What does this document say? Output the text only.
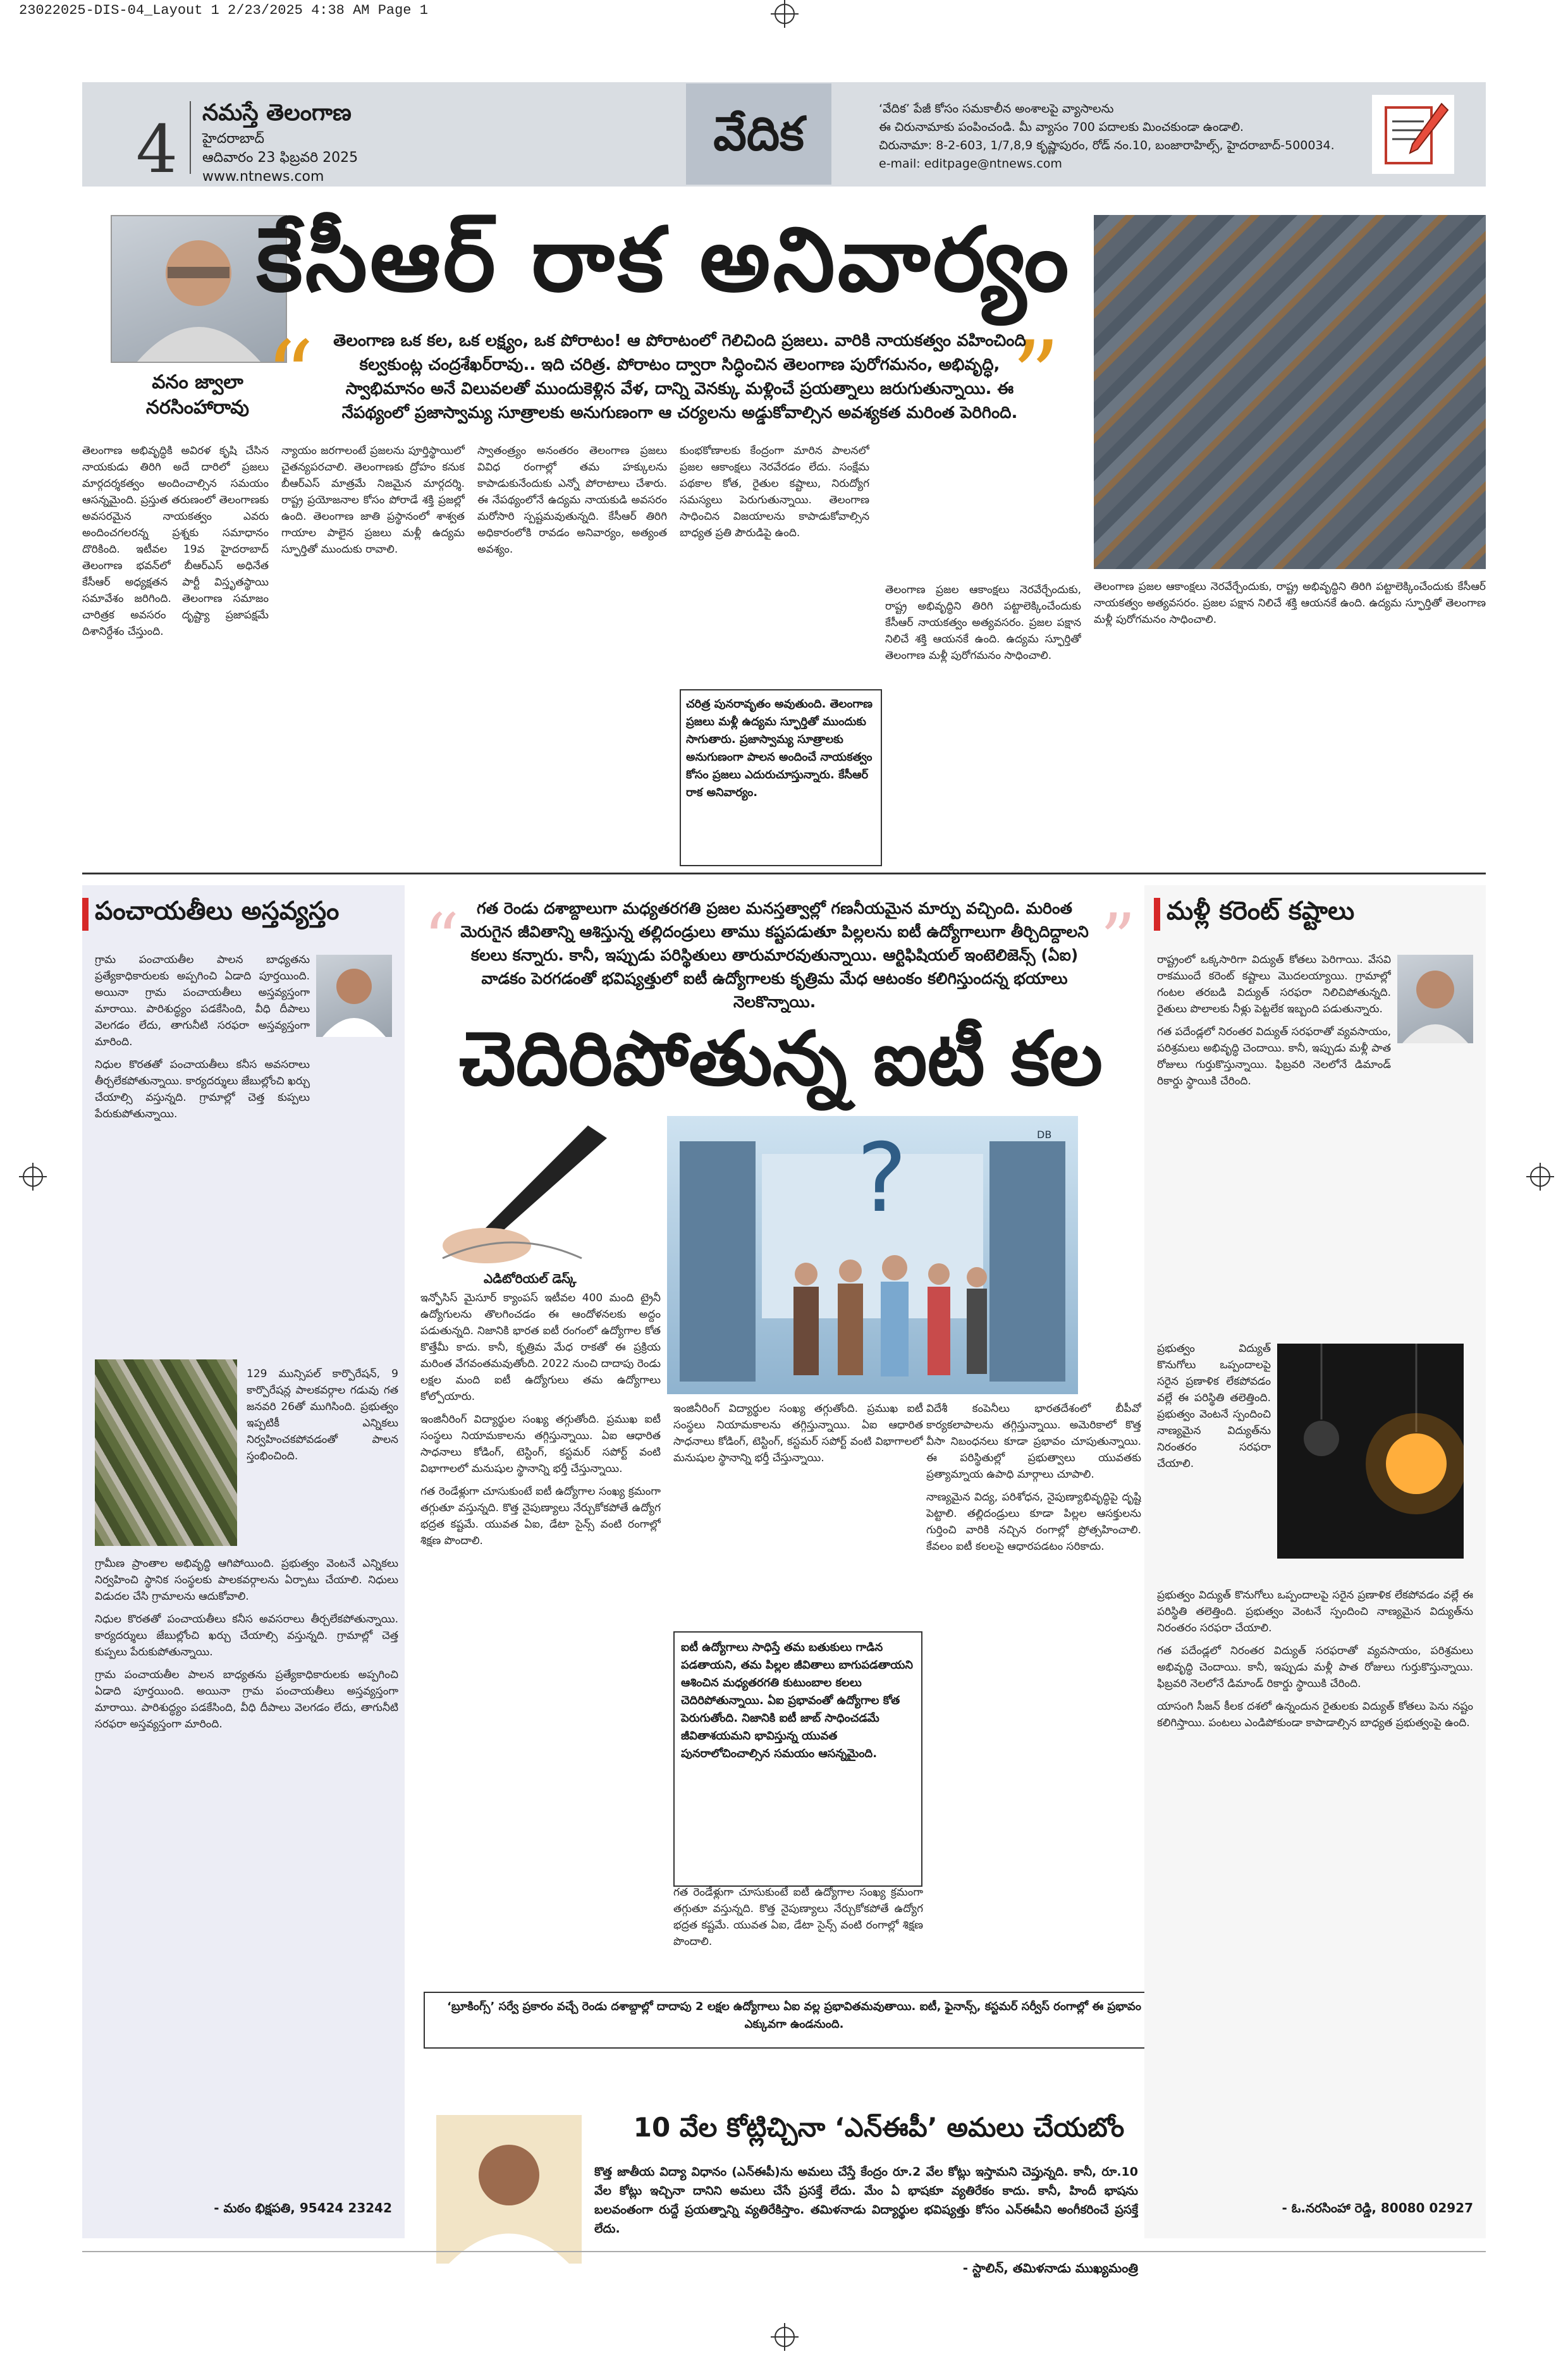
23022025-DIS-04_Layout 1 2/23/2025 4:38 AM Page 1
4 నమస్తే తెలంగాణ
హైదరాబాద్
ఆదివారం 23 ఫిబ్రవరి 2025
www.ntnews.com
వేదిక	‘వేదిక’ పేజీ కోసం సమకాలీన అంశాలపై వ్యాసాలను

ఈ చిరునామాకు పంపించండి. మీ వ్యాసం 700 పదాలకు మించకుండా ఉండాలి.

చిరునామా: 8-2-603, 1/7,8,9 కృష్ణాపురం, రోడ్ నం.10, బంజారాహిల్స్, హైదరాబాద్-500034.

e-mail: editpage@ntnews.com

వనం జ్వాలా నరసింహారావు
కేసీఆర్ రాక అనివార్యం
“	”
తెలంగాణ ఒక కల, ఒక లక్ష్యం, ఒక పోరాటం! ఆ పోరాటంలో గెలిచింది ప్రజలు. వారికి నాయకత్వం వహించింది కల్వకుంట్ల చంద్రశేఖర్‌రావు.. ఇది చరిత్ర. పోరాటం ద్వారా సిద్ధించిన తెలంగాణ పురోగమనం, అభివృద్ధి, స్వాభిమానం అనే విలువలతో ముందుకెళ్లిన వేళ, దాన్ని వెనక్కు మళ్లించే ప్రయత్నాలు జరుగుతున్నాయి. ఈ నేపథ్యంలో ప్రజాస్వామ్య సూత్రాలకు అనుగుణంగా ఆ చర్యలను అడ్డుకోవాల్సిన అవశ్యకత మరింత పెరిగింది.

తెలంగాణ అభివృద్ధికి అవిరళ కృషి చేసిన నాయకుడు తిరిగి అదే దారిలో ప్రజలు మార్గదర్శకత్వం అందించాల్సిన సమయం ఆసన్నమైంది. ప్రస్తుత తరుణంలో తెలంగాణకు అవసరమైన నాయకత్వం ఎవరు అందించగలరన్న ప్రశ్నకు సమాధానం దొరికింది. ఇటీవల 19వ హైదరాబాద్ తెలంగాణ భవన్‌లో బీఆర్ఎస్ అధినేత కేసీఆర్ అధ్యక్షతన పార్టీ విస్తృతస్థాయి సమావేశం జరిగింది. తెలంగాణ సమాజం చారిత్రక అవసరం దృష్ట్యా ప్రజాపక్షమే దిశానిర్దేశం చేస్తుంది.

న్యాయం జరగాలంటే ప్రజలను పూర్తిస్థాయిలో చైతన్యపరచాలి. తెలంగాణకు ద్రోహం కనుక బీఆర్ఎస్ మాత్రమే నిజమైన మార్గదర్శి. రాష్ట్ర ప్రయోజనాల కోసం పోరాడే శక్తి ప్రజల్లో ఉంది. తెలంగాణ జాతి ప్రస్థానంలో శాశ్వత గాయాల పాలైన ప్రజలు మళ్లీ ఉద్యమ స్ఫూర్తితో ముందుకు రావాలి.

స్వాతంత్ర్యం అనంతరం తెలంగాణ ప్రజలు వివిధ రంగాల్లో తమ హక్కులను కాపాడుకునేందుకు ఎన్నో పోరాటాలు చేశారు. ఈ నేపథ్యంలోనే ఉద్యమ నాయకుడి అవసరం మరోసారి స్పష్టమవుతున్నది. కేసీఆర్ తిరిగి అధికారంలోకి రావడం అనివార్యం, అత్యంత అవశ్యం.

కుంభకోణాలకు కేంద్రంగా మారిన పాలనలో ప్రజల ఆకాంక్షలు నెరవేరడం లేదు. సంక్షేమ పథకాల కోత, రైతుల కష్టాలు, నిరుద్యోగ సమస్యలు పెరుగుతున్నాయి. తెలంగాణ సాధించిన విజయాలను కాపాడుకోవాల్సిన బాధ్యత ప్రతి పౌరుడిపై ఉంది.

తెలంగాణ ప్రజల ఆకాంక్షలు నెరవేర్చేందుకు, రాష్ట్ర అభివృద్ధిని తిరిగి పట్టాలెక్కించేందుకు కేసీఆర్ నాయకత్వం అత్యవసరం. ప్రజల పక్షాన నిలిచే శక్తి ఆయనకే ఉంది. ఉద్యమ స్ఫూర్తితో తెలంగాణ మళ్లీ పురోగమనం సాధించాలి.

తెలంగాణ ప్రజల ఆకాంక్షలు నెరవేర్చేందుకు, రాష్ట్ర అభివృద్ధిని తిరిగి పట్టాలెక్కించేందుకు కేసీఆర్ నాయకత్వం అత్యవసరం. ప్రజల పక్షాన నిలిచే శక్తి ఆయనకే ఉంది. ఉద్యమ స్ఫూర్తితో తెలంగాణ మళ్లీ పురోగమనం సాధించాలి.

చరిత్ర పునరావృతం అవుతుంది. తెలంగాణ ప్రజలు మళ్లీ ఉద్యమ స్ఫూర్తితో ముందుకు సాగుతారు. ప్రజాస్వామ్య సూత్రాలకు అనుగుణంగా పాలన అందించే నాయకత్వం కోసం ప్రజలు ఎదురుచూస్తున్నారు. కేసీఆర్ రాక అనివార్యం.
పంచాయతీలు అస్తవ్యస్తం

గ్రామ పంచాయతీల పాలన బాధ్యతను ప్రత్యేకాధికారులకు అప్పగించి ఏడాది పూర్తయింది. అయినా గ్రామ పంచాయతీలు అస్తవ్యస్తంగా మారాయి. పారిశుద్ధ్యం పడకేసింది, వీధి దీపాలు వెలగడం లేదు, తాగునీటి సరఫరా అస్తవ్యస్తంగా మారింది.

నిధుల కొరతతో పంచాయతీలు కనీస అవసరాలు తీర్చలేకపోతున్నాయి. కార్యదర్శులు జేబుల్లోంచి ఖర్చు చేయాల్సి వస్తున్నది. గ్రామాల్లో చెత్త కుప్పలు పేరుకుపోతున్నాయి.

129 మున్సిపల్ కార్పొరేషన్, 9 కార్పొరేషన్ల పాలకవర్గాల గడువు గత జనవరి 26తో ముగిసింది. ప్రభుత్వం ఇప్పటికీ ఎన్నికలు నిర్వహించకపోవడంతో పాలన స్తంభించింది.

గ్రామీణ ప్రాంతాల అభివృద్ధి ఆగిపోయింది. ప్రభుత్వం వెంటనే ఎన్నికలు నిర్వహించి స్థానిక సంస్థలకు పాలకవర్గాలను ఏర్పాటు చేయాలి. నిధులు విడుదల చేసి గ్రామాలను ఆదుకోవాలి.

నిధుల కొరతతో పంచాయతీలు కనీస అవసరాలు తీర్చలేకపోతున్నాయి. కార్యదర్శులు జేబుల్లోంచి ఖర్చు చేయాల్సి వస్తున్నది. గ్రామాల్లో చెత్త కుప్పలు పేరుకుపోతున్నాయి.

గ్రామ పంచాయతీల పాలన బాధ్యతను ప్రత్యేకాధికారులకు అప్పగించి ఏడాది పూర్తయింది. అయినా గ్రామ పంచాయతీలు అస్తవ్యస్తంగా మారాయి. పారిశుద్ధ్యం పడకేసింది, వీధి దీపాలు వెలగడం లేదు, తాగునీటి సరఫరా అస్తవ్యస్తంగా మారింది.

- మఠం భిక్షపతి, 95424 23242
“	”
గత రెండు దశాబ్దాలుగా మధ్యతరగతి ప్రజల మనస్తత్వాల్లో గణనీయమైన మార్పు వచ్చింది. మరింత మెరుగైన జీవితాన్ని ఆశిస్తున్న తల్లిదండ్రులు తాము కష్టపడుతూ పిల్లలను ఐటీ ఉద్యోగాలుగా తీర్చిదిద్దాలని కలలు కన్నారు. కానీ, ఇప్పుడు పరిస్థితులు తారుమారవుతున్నాయి. ఆర్టిఫిషియల్ ఇంటెలిజెన్స్ (ఏఐ) వాడకం పెరగడంతో భవిష్యత్తులో ఐటీ ఉద్యోగాలకు కృత్రిమ మేధ ఆటంకం కలిగిస్తుందన్న భయాలు నెలకొన్నాయి.
చెదిరిపోతున్న ఐటీ కల
ఎడిటోరియల్ డెస్క్
?	DB

ఇన్ఫోసిస్ మైసూర్ క్యాంపస్ ఇటీవల 400 మంది ట్రైనీ ఉద్యోగులను తొలగించడం ఈ ఆందోళనలకు అద్దం పడుతున్నది. నిజానికి భారత ఐటీ రంగంలో ఉద్యోగాల కోత కొత్తేమీ కాదు. కానీ, కృత్రిమ మేధ రాకతో ఈ ప్రక్రియ మరింత వేగవంతమవుతోంది. 2022 నుంచి దాదాపు రెండు లక్షల మంది ఐటీ ఉద్యోగులు తమ ఉద్యోగాలు కోల్పోయారు.

ఇంజినీరింగ్ విద్యార్థుల సంఖ్య తగ్గుతోంది. ప్రముఖ ఐటీ సంస్థలు నియామకాలను తగ్గిస్తున్నాయి. ఏఐ ఆధారిత సాధనాలు కోడింగ్, టెస్టింగ్, కస్టమర్ సపోర్ట్ వంటి విభాగాలలో మనుషుల స్థానాన్ని భర్తీ చేస్తున్నాయి.

గత రెండేళ్లుగా చూసుకుంటే ఐటీ ఉద్యోగాల సంఖ్య క్రమంగా తగ్గుతూ వస్తున్నది. కొత్త నైపుణ్యాలు నేర్చుకోకపోతే ఉద్యోగ భద్రత కష్టమే. యువత ఏఐ, డేటా సైన్స్ వంటి రంగాల్లో శిక్షణ పొందాలి.

ఇంజినీరింగ్ విద్యార్థుల సంఖ్య తగ్గుతోంది. ప్రముఖ ఐటీ సంస్థలు నియామకాలను తగ్గిస్తున్నాయి. ఏఐ ఆధారిత సాధనాలు కోడింగ్, టెస్టింగ్, కస్టమర్ సపోర్ట్ వంటి విభాగాలలో మనుషుల స్థానాన్ని భర్తీ చేస్తున్నాయి.

ఐటీ ఉద్యోగాలు సాధిస్తే తమ బతుకులు గాడిన పడతాయని, తమ పిల్లల జీవితాలు బాగుపడతాయని ఆశించిన మధ్యతరగతి కుటుంబాల కలలు చెదిరిపోతున్నాయి. ఏఐ ప్రభావంతో ఉద్యోగాల కోత పెరుగుతోంది. నిజానికి ఐటీ జాబ్ సాధించడమే జీవితాశయమని భావిస్తున్న యువత పునరాలోచించాల్సిన సమయం ఆసన్నమైంది.

విదేశీ కంపెనీలు భారతదేశంలో బీపీవో కార్యకలాపాలను తగ్గిస్తున్నాయి. అమెరికాలో కొత్త వీసా నిబంధనలు కూడా ప్రభావం చూపుతున్నాయి. ఈ పరిస్థితుల్లో ప్రభుత్వాలు యువతకు ప్రత్యామ్నాయ ఉపాధి మార్గాలు చూపాలి.

నాణ్యమైన విద్య, పరిశోధన, నైపుణ్యాభివృద్ధిపై దృష్టి పెట్టాలి. తల్లిదండ్రులు కూడా పిల్లల ఆసక్తులను గుర్తించి వారికి నచ్చిన రంగాల్లో ప్రోత్సహించాలి. కేవలం ఐటీ కలలపై ఆధారపడటం సరికాదు.

గత రెండేళ్లుగా చూసుకుంటే ఐటీ ఉద్యోగాల సంఖ్య క్రమంగా తగ్గుతూ వస్తున్నది. కొత్త నైపుణ్యాలు నేర్చుకోకపోతే ఉద్యోగ భద్రత కష్టమే. యువత ఏఐ, డేటా సైన్స్ వంటి రంగాల్లో శిక్షణ పొందాలి.

‘బ్రూకింగ్స్’ సర్వే ప్రకారం వచ్చే రెండు దశాబ్దాల్లో దాదాపు 2 లక్షల ఉద్యోగాలు ఏఐ వల్ల ప్రభావితమవుతాయి. ఐటీ, ఫైనాన్స్, కస్టమర్ సర్వీస్ రంగాల్లో ఈ ప్రభావం ఎక్కువగా ఉండనుంది.
10 వేల కోట్లిచ్చినా ‘ఎన్‌ఈపీ’ అమలు చేయబోం
కొత్త జాతీయ విద్యా విధానం (ఎన్‌ఈపీ)ను అమలు చేస్తే కేంద్రం రూ.2 వేల కోట్లు ఇస్తామని చెప్తున్నది. కానీ, రూ.10 వేల కోట్లు ఇచ్చినా దానిని అమలు చేసే ప్రసక్తే లేదు. మేం ఏ భాషకూ వ్యతిరేకం కాదు. కానీ, హిందీ భాషను బలవంతంగా రుద్దే ప్రయత్నాన్ని వ్యతిరేకిస్తాం. తమిళనాడు విద్యార్థుల భవిష్యత్తు కోసం ఎన్‌ఈపీని అంగీకరించే ప్రసక్తే లేదు.
- స్టాలిన్, తమిళనాడు ముఖ్యమంత్రి
మళ్లీ కరెంట్ కష్టాలు

రాష్ట్రంలో ఒక్కసారిగా విద్యుత్ కోతలు పెరిగాయి. వేసవి రాకముందే కరెంట్ కష్టాలు మొదలయ్యాయి. గ్రామాల్లో గంటల తరబడి విద్యుత్ సరఫరా నిలిచిపోతున్నది. రైతులు పొలాలకు నీళ్లు పెట్టలేక ఇబ్బంది పడుతున్నారు.

గత పదేండ్లలో నిరంతర విద్యుత్ సరఫరాతో వ్యవసాయం, పరిశ్రమలు అభివృద్ధి చెందాయి. కానీ, ఇప్పుడు మళ్లీ పాత రోజులు గుర్తుకొస్తున్నాయి. ఫిబ్రవరి నెలలోనే డిమాండ్ రికార్డు స్థాయికి చేరింది.

ప్రభుత్వం విద్యుత్ కొనుగోలు ఒప్పందాలపై సరైన ప్రణాళిక లేకపోవడం వల్లే ఈ పరిస్థితి తలెత్తింది. ప్రభుత్వం వెంటనే స్పందించి నాణ్యమైన విద్యుత్‌ను నిరంతరం సరఫరా చేయాలి.

ప్రభుత్వం విద్యుత్ కొనుగోలు ఒప్పందాలపై సరైన ప్రణాళిక లేకపోవడం వల్లే ఈ పరిస్థితి తలెత్తింది. ప్రభుత్వం వెంటనే స్పందించి నాణ్యమైన విద్యుత్‌ను నిరంతరం సరఫరా చేయాలి.

గత పదేండ్లలో నిరంతర విద్యుత్ సరఫరాతో వ్యవసాయం, పరిశ్రమలు అభివృద్ధి చెందాయి. కానీ, ఇప్పుడు మళ్లీ పాత రోజులు గుర్తుకొస్తున్నాయి. ఫిబ్రవరి నెలలోనే డిమాండ్ రికార్డు స్థాయికి చేరింది.

యాసంగి సీజన్ కీలక దశలో ఉన్నందున రైతులకు విద్యుత్ కోతలు పెను నష్టం కలిగిస్తాయి. పంటలు ఎండిపోకుండా కాపాడాల్సిన బాధ్యత ప్రభుత్వంపై ఉంది.

- ఓ.నరసింహా రెడ్డి, 80080 02927
